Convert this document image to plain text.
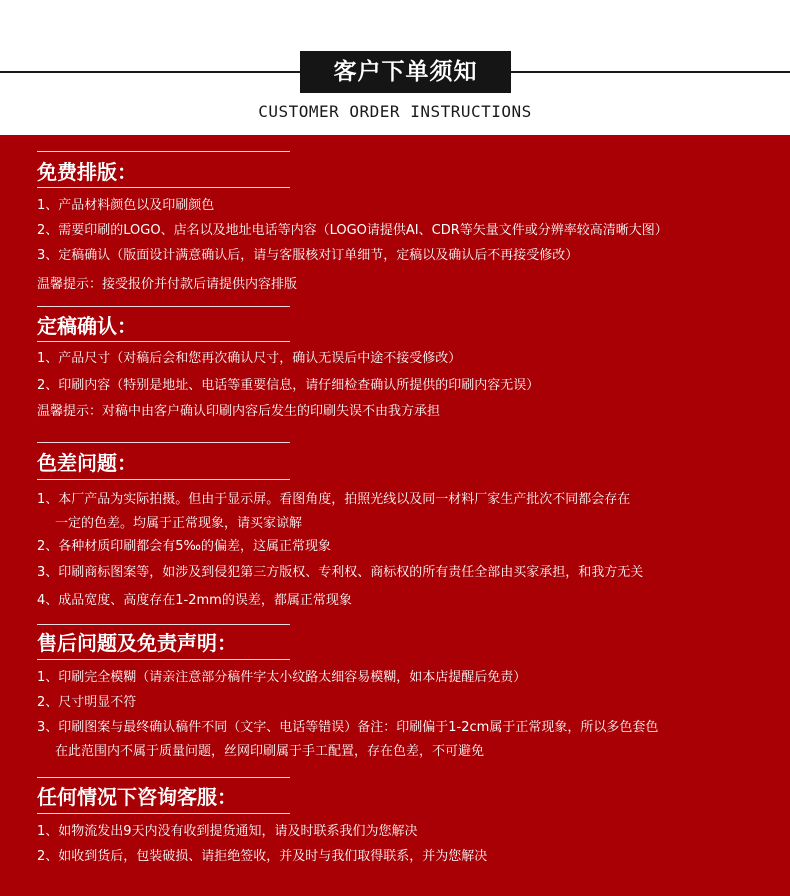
客户下单须知
CUSTOMER ORDER INSTRUCTIONS
免费排版：
1、产品材料颜色以及印刷颜色
2、需要印刷的LOGO、店名以及地址电话等内容（LOGO请提供AI、CDR等矢量文件或分辨率较高清晰大图）
3、定稿确认（版面设计满意确认后，请与客服核对订单细节，定稿以及确认后不再接受修改）
温馨提示：接受报价并付款后请提供内容排版
定稿确认：
1、产品尺寸（对稿后会和您再次确认尺寸，确认无误后中途不接受修改）
2、印刷内容（特别是地址、电话等重要信息，请仔细检查确认所提供的印刷内容无误）
温馨提示：对稿中由客户确认印刷内容后发生的印刷失误不由我方承担
色差问题：
1、本厂产品为实际拍摄。但由于显示屏。看图角度，拍照光线以及同一材料厂家生产批次不同都会存在
一定的色差。均属于正常现象，请买家谅解
2、各种材质印刷都会有5‰的偏差，这属正常现象
3、印刷商标图案等，如涉及到侵犯第三方版权、专利权、商标权的所有责任全部由买家承担，和我方无关
4、成品宽度、高度存在1-2mm的误差，都属正常现象
售后问题及免责声明：
1、印刷完全模糊（请亲注意部分稿件字太小纹路太细容易模糊，如本店提醒后免责）
2、尺寸明显不符
3、印刷图案与最终确认稿件不同（文字、电话等错误）备注：印刷偏于1-2cm属于正常现象，所以多色套色
在此范围内不属于质量问题，丝网印刷属于手工配置，存在色差，不可避免
任何情况下咨询客服：
1、如物流发出9天内没有收到提货通知，请及时联系我们为您解决
2、如收到货后，包装破损、请拒绝签收，并及时与我们取得联系，并为您解决
